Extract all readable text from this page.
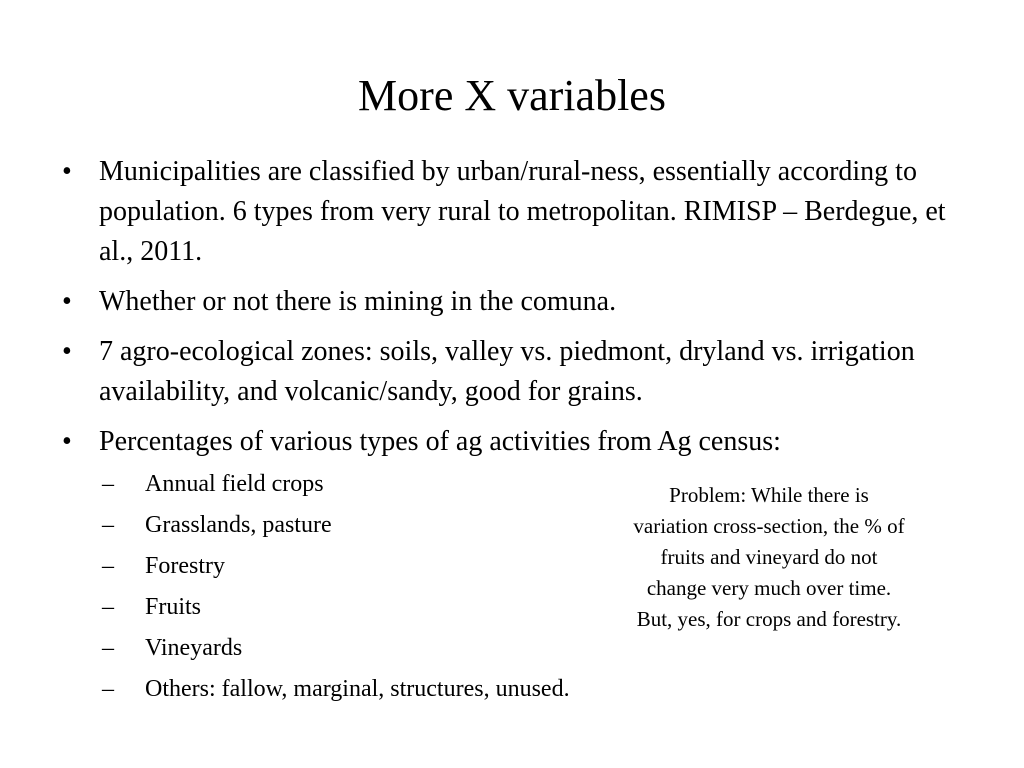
More X variables
• Municipalities are classified by urban/rural-ness, essentially according to population. 6 types from very rural to metropolitan. RIMISP – Berdegue, et al., 2011.
• Whether or not there is mining in the comuna.
• 7 agro-ecological zones: soils, valley vs. piedmont, dryland vs. irrigation availability, and volcanic/sandy, good for grains.
• Percentages of various types of ag activities from Ag census:
– Annual field crops
– Grasslands, pasture
– Forestry
– Fruits
– Vineyards
– Others: fallow, marginal, structures, unused.
Problem: While there is
variation cross-section, the % of
fruits and vineyard do not
change very much over time.
But, yes, for crops and forestry.
